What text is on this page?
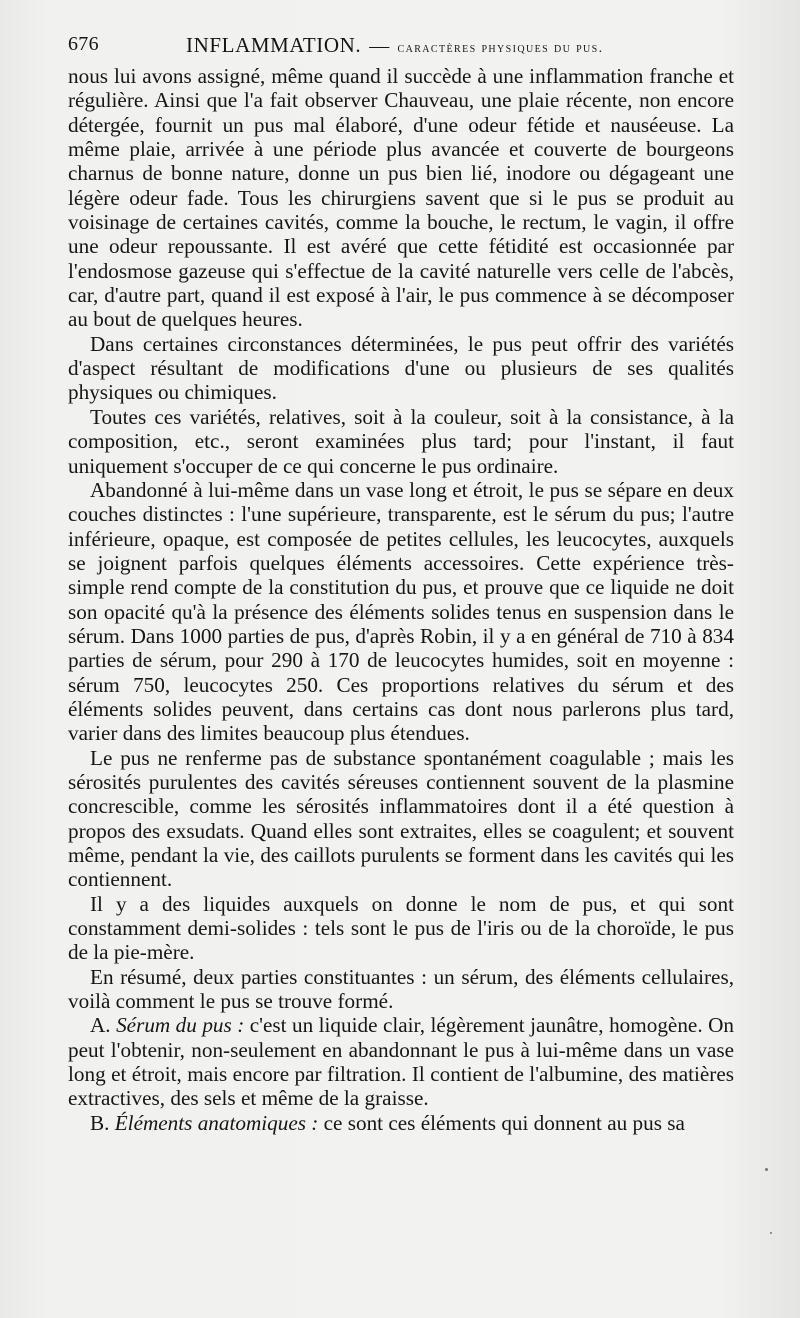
676	INFLAMMATION. — caractères physiques du pus.

nous lui avons assigné, même quand il succède à une inflammation franche et régulière. Ainsi que l'a fait observer Chauveau, une plaie récente, non encore détergée, fournit un pus mal élaboré, d'une odeur fétide et nauséeuse. La même plaie, arrivée à une période plus avancée et couverte de bourgeons charnus de bonne nature, donne un pus bien lié, inodore ou dégageant une légère odeur fade. Tous les chirurgiens savent que si le pus se produit au voisinage de certaines cavités, comme la bouche, le rectum, le vagin, il offre une odeur repoussante. Il est avéré que cette fétidité est occasionnée par l'endosmose gazeuse qui s'effectue de la cavité naturelle vers celle de l'abcès, car, d'autre part, quand il est exposé à l'air, le pus commence à se décomposer au bout de quelques heures.

Dans certaines circonstances déterminées, le pus peut offrir des variétés d'aspect résultant de modifications d'une ou plusieurs de ses qualités physiques ou chimiques.

Toutes ces variétés, relatives, soit à la couleur, soit à la consistance, à la composition, etc., seront examinées plus tard; pour l'instant, il faut uniquement s'occuper de ce qui concerne le pus ordinaire.

Abandonné à lui-même dans un vase long et étroit, le pus se sépare en deux couches distinctes : l'une supérieure, transparente, est le sérum du pus; l'autre inférieure, opaque, est composée de petites cellules, les leucocytes, auxquels se joignent parfois quelques éléments accessoires. Cette expérience très-simple rend compte de la constitution du pus, et prouve que ce liquide ne doit son opacité qu'à la présence des éléments solides tenus en suspension dans le sérum. Dans 1000 parties de pus, d'après Robin, il y a en général de 710 à 834 parties de sérum, pour 290 à 170 de leucocytes humides, soit en moyenne : sérum 750, leucocytes 250. Ces proportions relatives du sérum et des éléments solides peuvent, dans certains cas dont nous parlerons plus tard, varier dans des limites beaucoup plus étendues.

Le pus ne renferme pas de substance spontanément coagulable ; mais les sérosités purulentes des cavités séreuses contiennent souvent de la plasmine concrescible, comme les sérosités inflammatoires dont il a été question à propos des exsudats. Quand elles sont extraites, elles se coagulent; et souvent même, pendant la vie, des caillots purulents se forment dans les cavités qui les contiennent.

Il y a des liquides auxquels on donne le nom de pus, et qui sont constamment demi-solides : tels sont le pus de l'iris ou de la choroïde, le pus de la pie-mère.

En résumé, deux parties constituantes : un sérum, des éléments cellulaires, voilà comment le pus se trouve formé.

A. Sérum du pus : c'est un liquide clair, légèrement jaunâtre, homogène. On peut l'obtenir, non-seulement en abandonnant le pus à lui-même dans un vase long et étroit, mais encore par filtration. Il contient de l'albumine, des matières extractives, des sels et même de la graisse.

B. Éléments anatomiques : ce sont ces éléments qui donnent au pus sa
